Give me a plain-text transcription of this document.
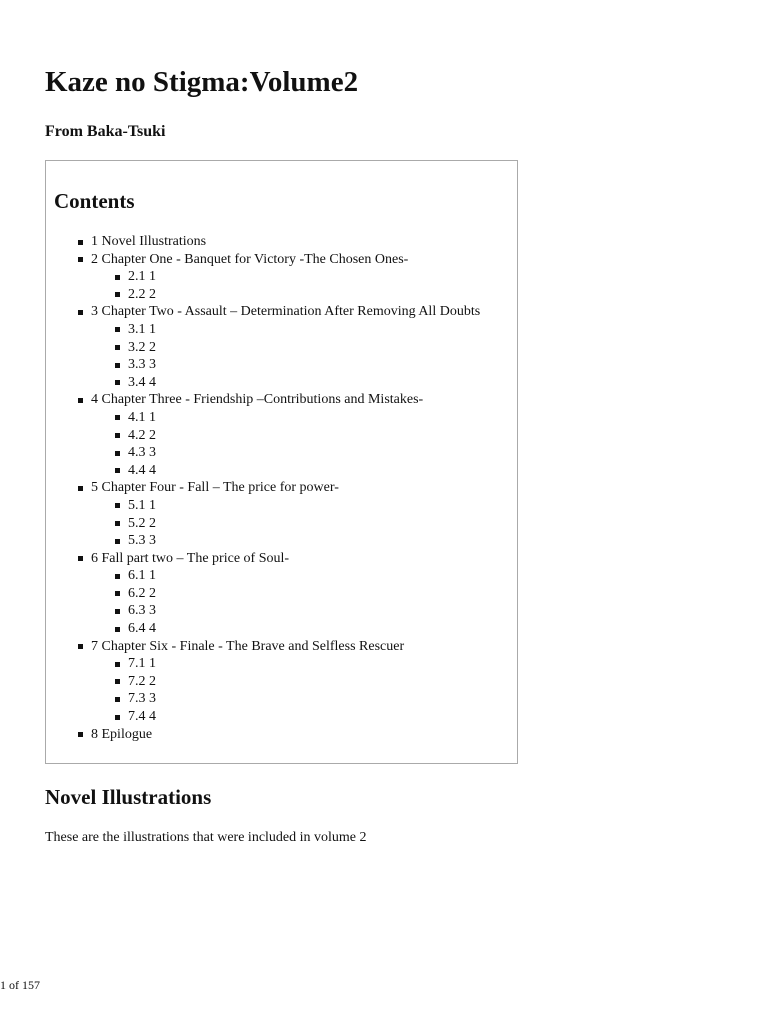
Kaze no Stigma:Volume2
From Baka-Tsuki
Contents
1 Novel Illustrations
2 Chapter One - Banquet for Victory -The Chosen Ones-
2.1 1
2.2 2
3 Chapter Two - Assault – Determination After Removing All Doubts
3.1 1
3.2 2
3.3 3
3.4 4
4 Chapter Three - Friendship –Contributions and Mistakes-
4.1 1
4.2 2
4.3 3
4.4 4
5 Chapter Four - Fall – The price for power-
5.1 1
5.2 2
5.3 3
6 Fall part two – The price of Soul-
6.1 1
6.2 2
6.3 3
6.4 4
7 Chapter Six - Finale - The Brave and Selfless Rescuer
7.1 1
7.2 2
7.3 3
7.4 4
8 Epilogue
Novel Illustrations
These are the illustrations that were included in volume 2
1 of 157
